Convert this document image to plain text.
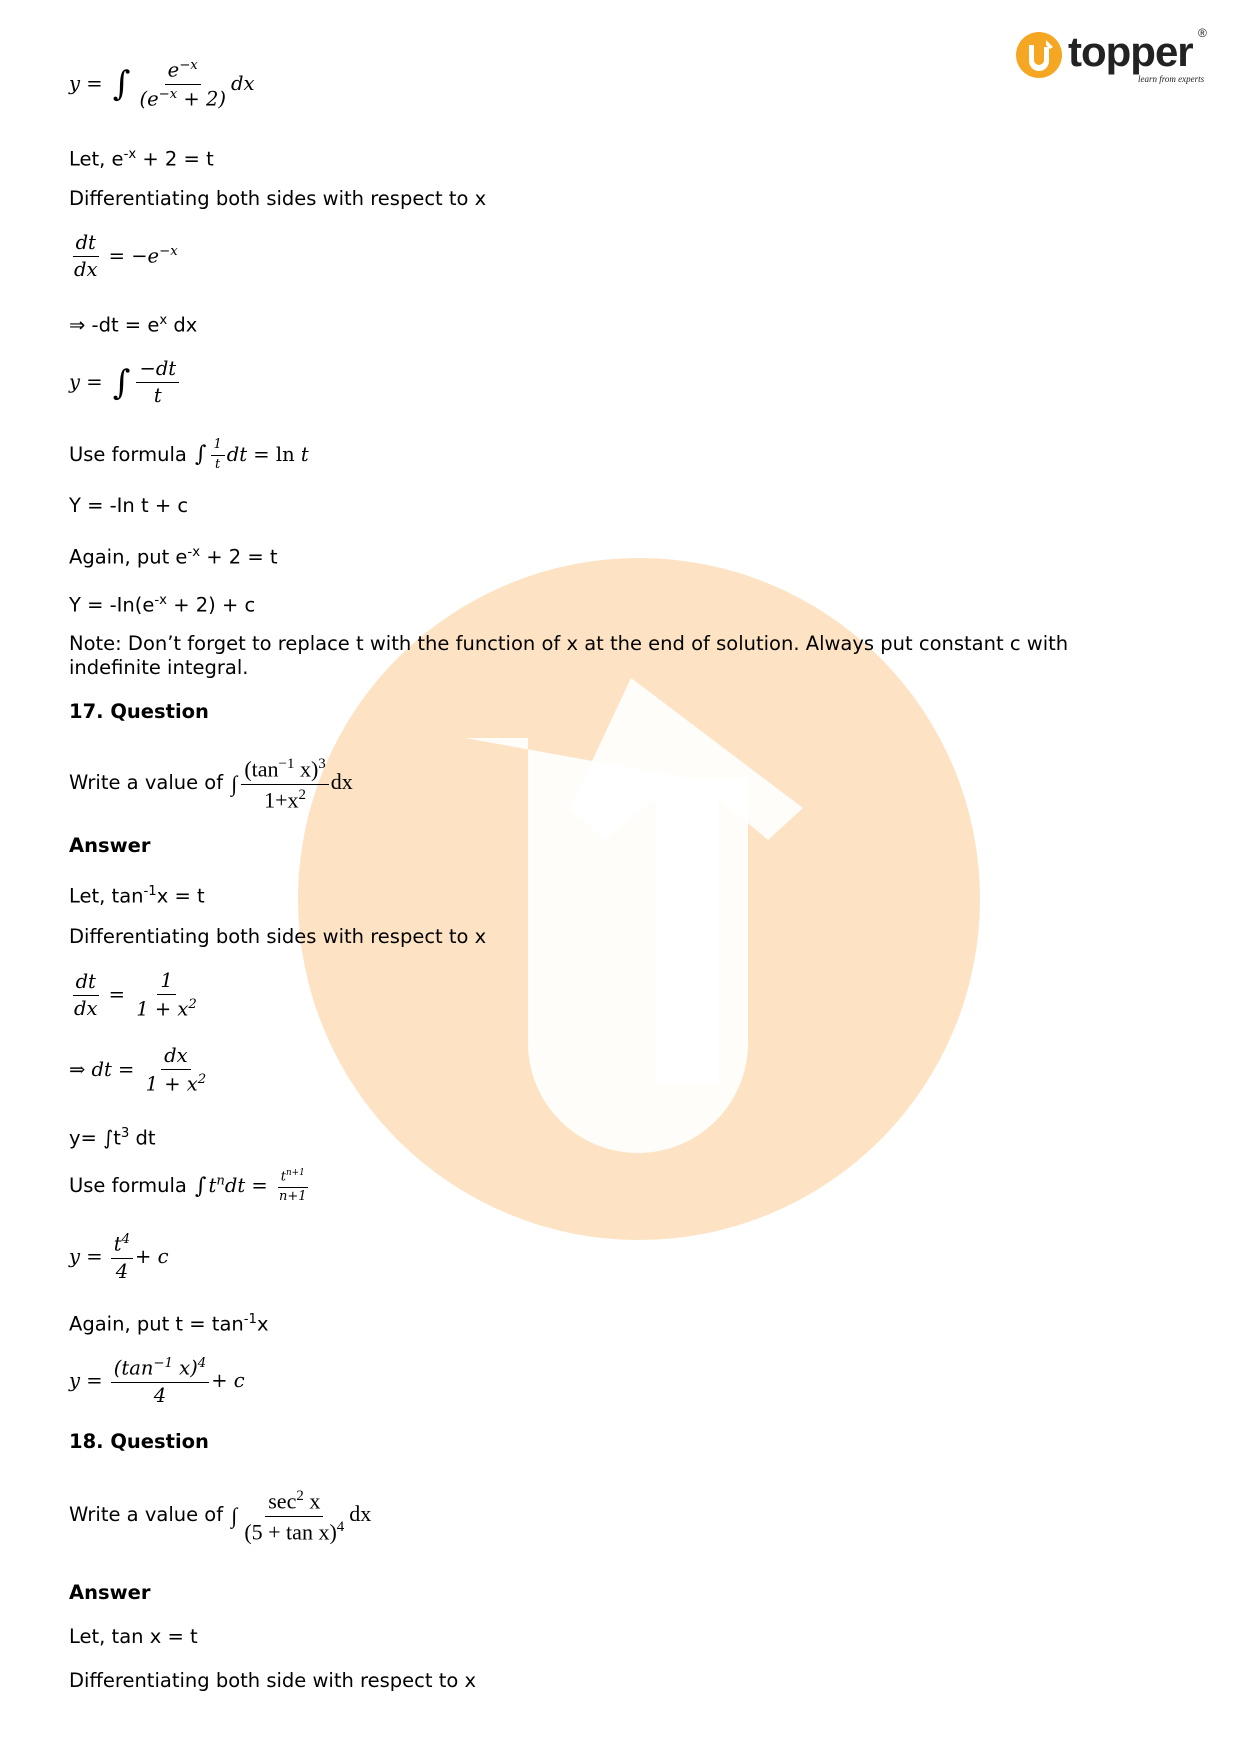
topper ®
learn from experts
y = ∫ $\frac{e^{-x}}{(e^{-x} + 2)}$ dx
Let, $e^{-x} + 2 = t$
Differentiating both sides with respect to x
$\frac{dt}{dx} = -e^{-x}$
⇒ $-dt = e^x$ dx
y = ∫ $\frac{-dt}{t}$
Use formula ∫ $\frac{1}{t}$ dt = ln t
Y = -In t + c
Again, put $e^{-x} + 2 = t$
$Y = -In(e^{-x} + 2) + c$
Note: Don’t forget to replace t with the function of x at the end of solution. Always put constant c with indefinite integral.
17. Question
Write a value of ∫ $\frac{(\tan^{-1} x)^3}{1+x^2}$ dx
Answer
Let, $\tan^{-1}x = t$
Differentiating both sides with respect to x
$\frac{dt}{dx} = \frac{1}{1 + x^2}$
⇒ dt = $\frac{dx}{1 + x^2}$
$y= \int t^3$ dt
Use formula ∫ $t^ndt = \frac{t^{n+1}}{n+1}$
$y = \frac{t^4}{4} + c$
Again, put $t = \tan^{-1}x$
$y = \frac{(\tan^{-1} x)^4}{4} + c$
18. Question
Write a value of ∫ $\frac{\sec^2 x}{(5 + \tan x)^4}$ dx
Answer
Let, tan x = t
Differentiating both side with respect to x
